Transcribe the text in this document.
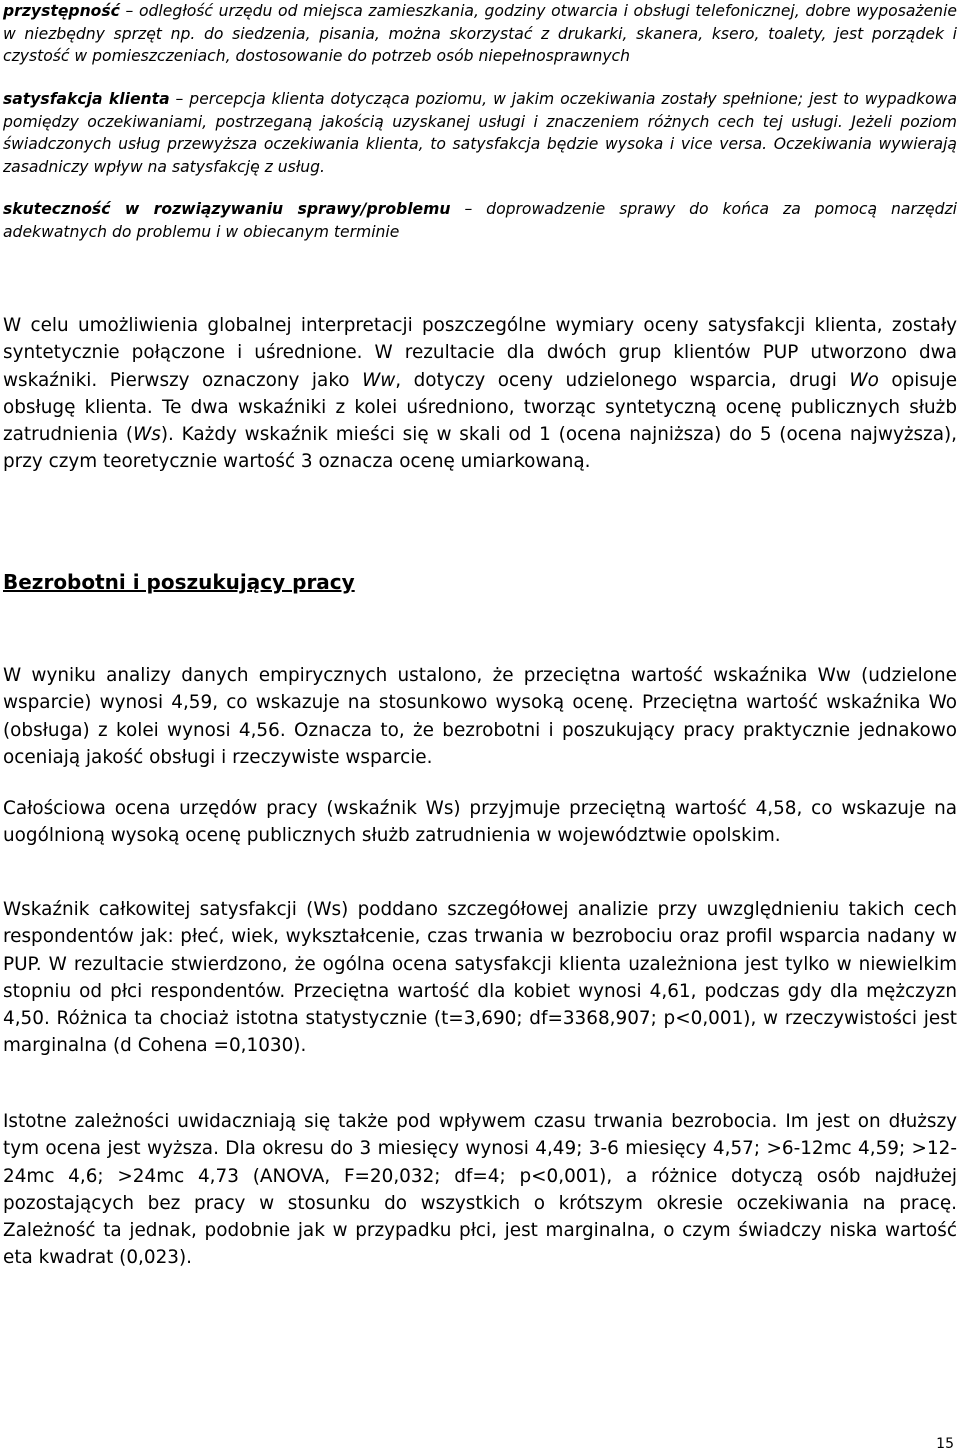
przystępność – odległość urzędu od miejsca zamieszkania, godziny otwarcia i obsługi telefonicznej, dobre wyposażenie w niezbędny sprzęt np. do siedzenia, pisania, można skorzystać z drukarki, skanera, ksero, toalety, jest porządek i czystość w pomieszczeniach, dostosowanie do potrzeb osób niepełnosprawnych

satysfakcja klienta – percepcja klienta dotycząca poziomu, w jakim oczekiwania zostały spełnione; jest to wypadkowa pomiędzy oczekiwaniami, postrzeganą jakością uzyskanej usługi i znaczeniem różnych cech tej usługi. Jeżeli poziom świadczonych usług przewyższa oczekiwania klienta, to satysfakcja będzie wysoka i vice versa. Oczekiwania wywierają zasadniczy wpływ na satysfakcję z usług.

skuteczność w rozwiązywaniu sprawy/problemu – doprowadzenie sprawy do końca za pomocą narzędzi adekwatnych do problemu i w obiecanym terminie

W celu umożliwienia globalnej interpretacji poszczególne wymiary oceny satysfakcji klienta, zostały syntetycznie połączone i uśrednione. W rezultacie dla dwóch grup klientów PUP utworzono dwa wskaźniki. Pierwszy oznaczony jako Ww, dotyczy oceny udzielonego wsparcia, drugi Wo opisuje obsługę klienta. Te dwa wskaźniki z kolei uśredniono, tworząc syntetyczną ocenę publicznych służb zatrudnienia (Ws). Każdy wskaźnik mieści się w skali od 1 (ocena najniższa) do 5 (ocena najwyższa), przy czym teoretycznie wartość 3 oznacza ocenę umiarkowaną.

Bezrobotni i poszukujący pracy

W wyniku analizy danych empirycznych ustalono, że przeciętna wartość wskaźnika Ww (udzielone wsparcie) wynosi 4,59, co wskazuje na stosunkowo wysoką ocenę. Przeciętna wartość wskaźnika Wo (obsługa) z kolei wynosi 4,56. Oznacza to, że bezrobotni i poszukujący pracy praktycznie jednakowo oceniają jakość obsługi i rzeczywiste wsparcie.

Całościowa ocena urzędów pracy (wskaźnik Ws) przyjmuje przeciętną wartość 4,58, co wskazuje na uogólnioną wysoką ocenę publicznych służb zatrudnienia w województwie opolskim.

Wskaźnik całkowitej satysfakcji (Ws) poddano szczegółowej analizie przy uwzględnieniu takich cech respondentów jak: płeć, wiek, wykształcenie, czas trwania w bezrobociu oraz profil wsparcia nadany w PUP. W rezultacie stwierdzono, że ogólna ocena satysfakcji klienta uzależniona jest tylko w niewielkim stopniu od płci respondentów. Przeciętna wartość dla kobiet wynosi 4,61, podczas gdy dla mężczyzn 4,50. Różnica ta chociaż istotna statystycznie (t=3,690; df=3368,907; p<0,001), w rzeczywistości jest marginalna (d Cohena =0,1030).

Istotne zależności uwidaczniają się także pod wpływem czasu trwania bezrobocia. Im jest on dłuższy tym ocena jest wyższa. Dla okresu do 3 miesięcy wynosi 4,49; 3-6 miesięcy 4,57; >6-12mc 4,59; >12-24mc 4,6; >24mc 4,73 (ANOVA, F=20,032; df=4; p<0,001), a różnice dotyczą osób najdłużej pozostających bez pracy w stosunku do wszystkich o krótszym okresie oczekiwania na pracę. Zależność ta jednak, podobnie jak w przypadku płci, jest marginalna, o czym świadczy niska wartość eta kwadrat (0,023).

15
